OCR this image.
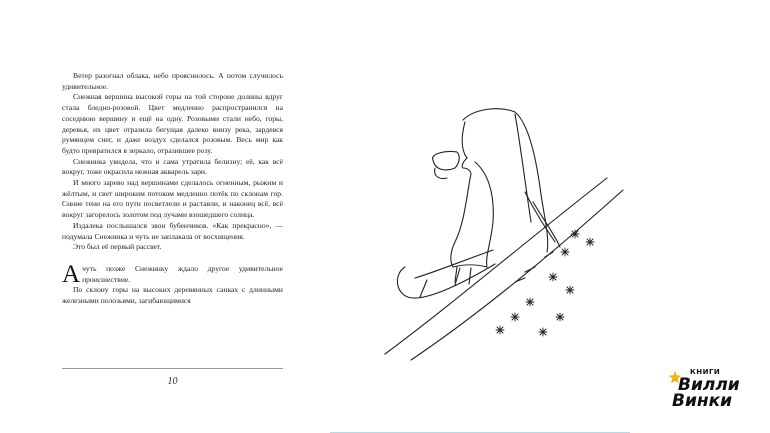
Ветер разогнал облака, небо прояснилось. А потом случилось удивительное.

Снежная вершина высокой горы на той стороне долины вдруг стала бледно-розовой. Цвет медленно распространился на соседнюю вершину и ещё на одну. Розовыми стали небо, горы, деревья, их цвет отразила бегущая далеко внизу река, зардевся румянцем снег, и даже воздух сделался розовым. Весь мир как будто превратился в зеркало, отразившее розу.

Снежинка увидела, что и сама утратила белизну; её, как всё вокруг, тоже окрасила нежная акварель зари.

И много зарево над вершинами сделалось огненным, рыжим и жёлтым, и свет широким потоком медленно потёк по склонам гор. Синие тени на его пути посветлели и растаяли, и наконец всё, всё вокруг загорелось золотом под лучами взошедшего солнца.

Издалека послышался звон бубенчиков. «Как прекрасно», — подумала Снежинка и чуть не заплакала от восхищения.

Это был её первый рассвет.

А чуть позже Снежинку ждало другое удивительное происшествие.

По склону горы на высоких деревянных санках с длинными железными полозьями, загибающимися

10
КНИГИ
Вилли
Винки
